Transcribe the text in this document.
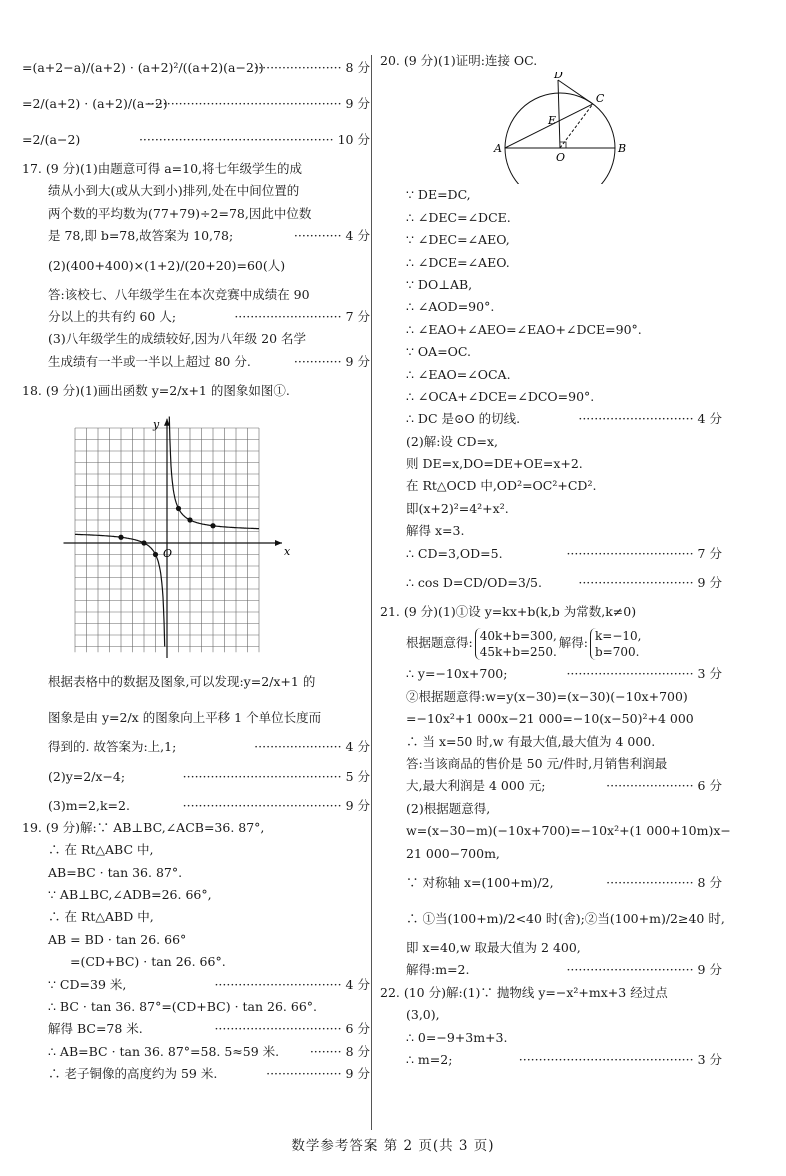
=(a+2−a)/(a+2) · (a+2)²/((a+2)(a−2))
······················ 8 分
=2/(a+2) · (a+2)/(a−2)
················································· 9 分
=2/(a−2)	················································· 10 分
17. (9 分)(1)由题意可得 a=10,将七年级学生的成
绩从小到大(或从大到小)排列,处在中间位置的
两个数的平均数为(77+79)÷2=78,因此中位数
是 78,即 b=78,故答案为 10,78;	············ 4 分
(2)(400+400)×(1+2)/(20+20)=60(人)
答:该校七、八年级学生在本次竞赛中成绩在 90
分以上的共有约 60 人;	··························· 7 分
(3)八年级学生的成绩较好,因为八年级 20 名学
生成绩有一半或一半以上超过 80 分.	············ 9 分
18. (9 分)(1)画出函数 y=2/x+1 的图象如图①.
x
y
O
根据表格中的数据及图象,可以发现:y=2/x+1 的
图象是由 y=2/x 的图象向上平移 1 个单位长度而
得到的. 故答案为:上,1;	······················ 4 分
(2)y=2/x−4;	········································ 5 分
(3)m=2,k=2.	········································ 9 分
19. (9 分)解:∵ AB⊥BC,∠ACB=36. 87°,
∴ 在 Rt△ABC 中,
AB=BC · tan 36. 87°.
∵ AB⊥BC,∠ADB=26. 66°,
∴ 在 Rt△ABD 中,
AB = BD · tan 26. 66°
=(CD+BC) · tan 26. 66°.
∵ CD=39 米,	································ 4 分
∴ BC · tan 36. 87°=(CD+BC) · tan 26. 66°.
解得 BC=78 米.	································ 6 分
∴ AB=BC · tan 36. 87°=58. 5≈59 米. ········ 8 分
∴ 老子铜像的高度约为 59 米.	··················· 9 分
20. (9 分)(1)证明:连接 OC.
D
C
E
A
O
B
∵ DE=DC,
∴ ∠DEC=∠DCE.
∵ ∠DEC=∠AEO,
∴ ∠DCE=∠AEO.
∵ DO⊥AB,
∴ ∠AOD=90°.
∴ ∠EAO+∠AEO=∠EAO+∠DCE=90°.
∵ OA=OC.
∴ ∠EAO=∠OCA.
∴ ∠OCA+∠DCE=∠DCO=90°.
∴ DC 是⊙O 的切线.	····························· 4 分
(2)解:设 CD=x,
则 DE=x,DO=DE+OE=x+2.
在 Rt△OCD 中,OD²=OC²+CD².
即(x+2)²=4²+x².
解得 x=3.
∴ CD=3,OD=5.	································ 7 分
∴ cos D=CD/OD=3/5.	····························· 9 分
21. (9 分)(1)①设 y=kx+b(k,b 为常数,k≠0)
根据题意得: 40k+b=300,
45k+b=250.
解得: k=−10,
b=700.
∴ y=−10x+700;	································ 3 分
②根据题意得:w=y(x−30)=(x−30)(−10x+700)
=−10x²+1 000x−21 000=−10(x−50)²+4 000
∴ 当 x=50 时,w 有最大值,最大值为 4 000.
答:当该商品的售价是 50 元/件时,月销售利润最
大,最大利润是 4 000 元;	······················ 6 分
(2)根据题意得,
w=(x−30−m)(−10x+700)=−10x²+(1 000+10m)x−
21 000−700m,
∵ 对称轴 x=(100+m)/2,	······················ 8 分
∴ ①当(100+m)/2<40 时(舍);②当(100+m)/2≥40 时,
即 x=40,w 取最大值为 2 400,
解得:m=2.	································ 9 分
22. (10 分)解:(1)∵ 抛物线 y=−x²+mx+3 经过点
(3,0),
∴ 0=−9+3m+3.
∴ m=2;	············································ 3 分
数学参考答案 第 2 页(共 3 页)
